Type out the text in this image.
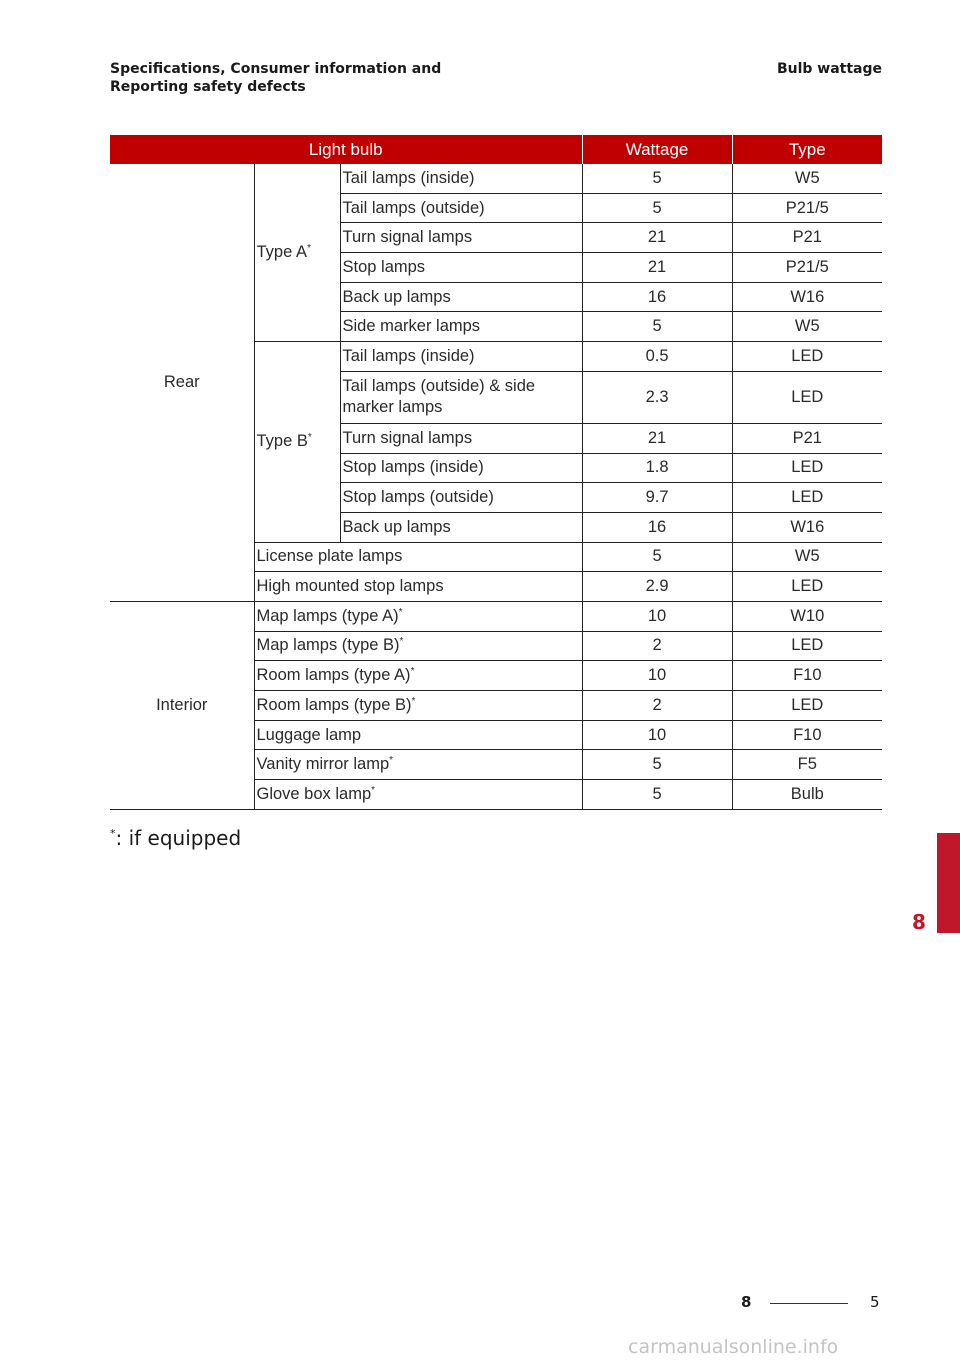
Specifications, Consumer information and
Reporting safety defects
Bulb wattage
Light bulb			Wattage	Type
Rear	Type A*	Tail lamps (inside)	5	W5
		Tail lamps (outside)	5	P21/5
		Turn signal lamps	21	P21
		Stop lamps	21	P21/5
		Back up lamps	16	W16
		Side marker lamps	5	W5
	Type B*	Tail lamps (inside)	0.5	LED
		Tail lamps (outside) & side marker lamps	2.3	LED
		Turn signal lamps	21	P21
		Stop lamps (inside)	1.8	LED
		Stop lamps (outside)	9.7	LED
		Back up lamps	16	W16
	License plate lamps		5	W5
	High mounted stop lamps		2.9	LED
Interior	Map lamps (type A)*		10	W10
	Map lamps (type B)*		2	LED
	Room lamps (type A)*		10	F10
	Room lamps (type B)*		2	LED
	Luggage lamp		10	F10
	Vanity mirror lamp*		5	F5
	Glove box lamp*		5	Bulb
*: if equipped
8
8	5
carmanualsonline.info
